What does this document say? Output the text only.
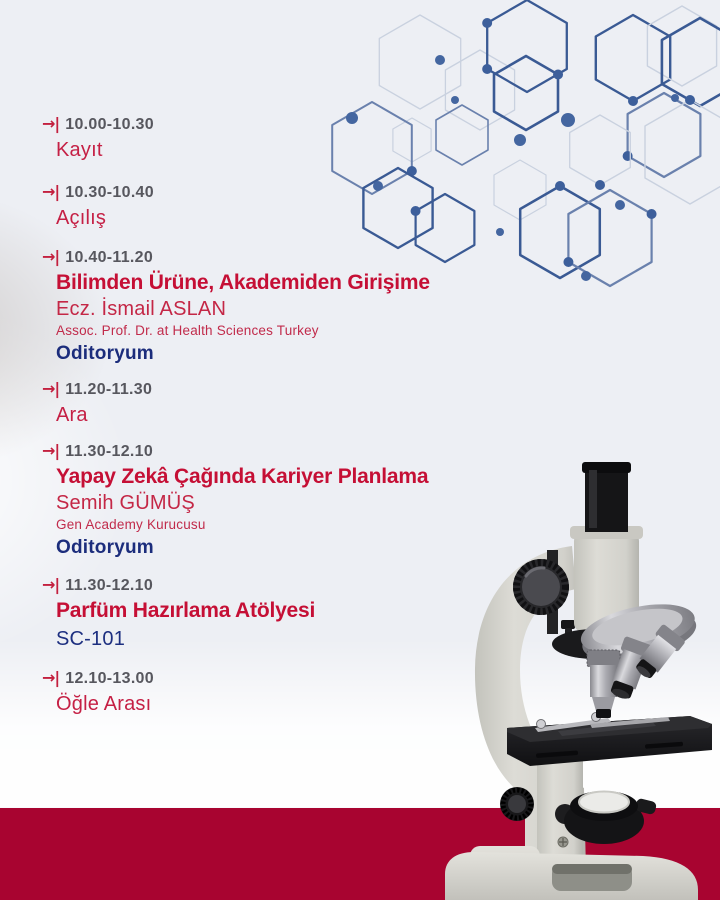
→| 10.00-10.30
Kayıt
→| 10.30-10.40
Açılış
→| 10.40-11.20
Bilimden Ürüne, Akademiden Girişime
Ecz. İsmail ASLAN
Assoc. Prof. Dr. at Health Sciences Turkey
Oditoryum
→| 11.20-11.30
Ara
→| 11.30-12.10
Yapay Zekâ Çağında Kariyer Planlama
Semih GÜMÜŞ
Gen Academy Kurucusu
Oditoryum
→| 11.30-12.10
Parfüm Hazırlama Atölyesi
SC-101
→| 12.10-13.00
Öğle Arası
